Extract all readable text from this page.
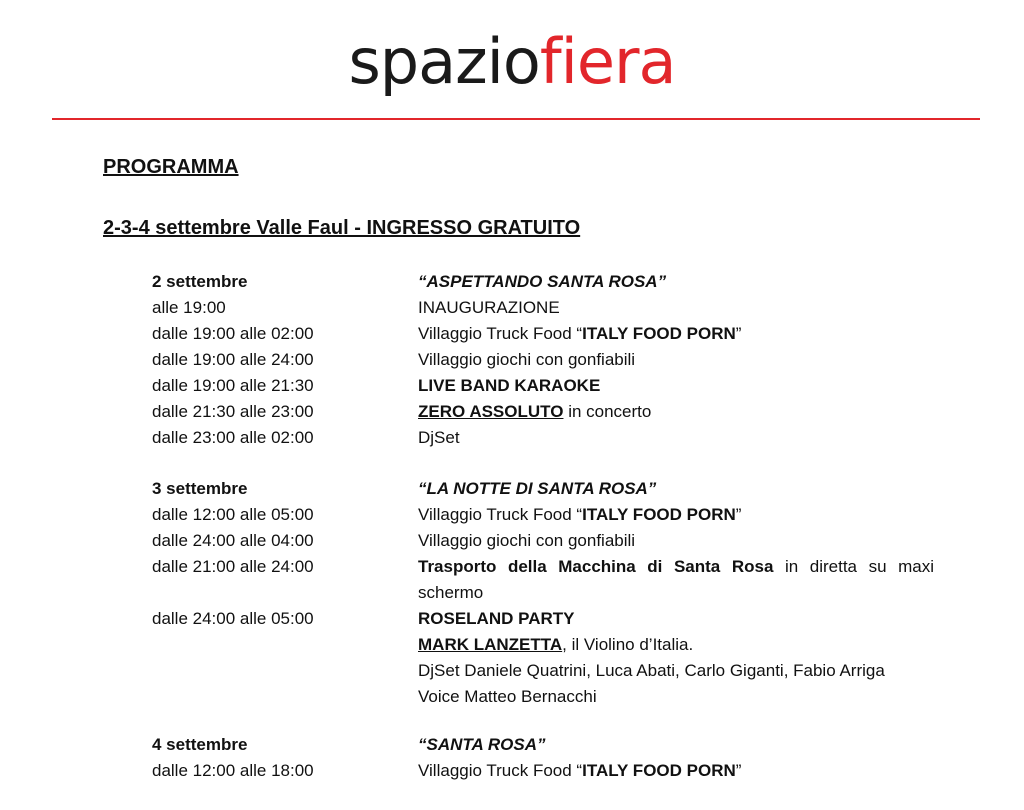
spaziofiera
PROGRAMMA
2-3-4 settembre Valle Faul - INGRESSO GRATUITO
2 settembre	“ASPETTANDO SANTA ROSA”
alle 19:00	INAUGURAZIONE
dalle 19:00 alle 02:00	Villaggio Truck Food “ITALY FOOD PORN”
dalle 19:00 alle 24:00	Villaggio giochi con gonfiabili
dalle 19:00 alle 21:30	LIVE BAND KARAOKE
dalle 21:30 alle 23:00	ZERO ASSOLUTO in concerto
dalle 23:00 alle 02:00	DjSet
3 settembre	“LA NOTTE DI SANTA ROSA”
dalle 12:00 alle 05:00	Villaggio Truck Food “ITALY FOOD PORN”
dalle 24:00 alle 04:00	Villaggio giochi con gonfiabili
dalle 21:00 alle 24:00	Trasporto della Macchina di Santa Rosa in diretta su maxi schermo
dalle 24:00 alle 05:00	ROSELAND PARTY
MARK LANZETTA, il Violino d’Italia.
DjSet Daniele Quatrini, Luca Abati, Carlo Giganti, Fabio Arriga
Voice Matteo Bernacchi
4 settembre	“SANTA ROSA”
dalle 12:00 alle 18:00	Villaggio Truck Food “ITALY FOOD PORN”
